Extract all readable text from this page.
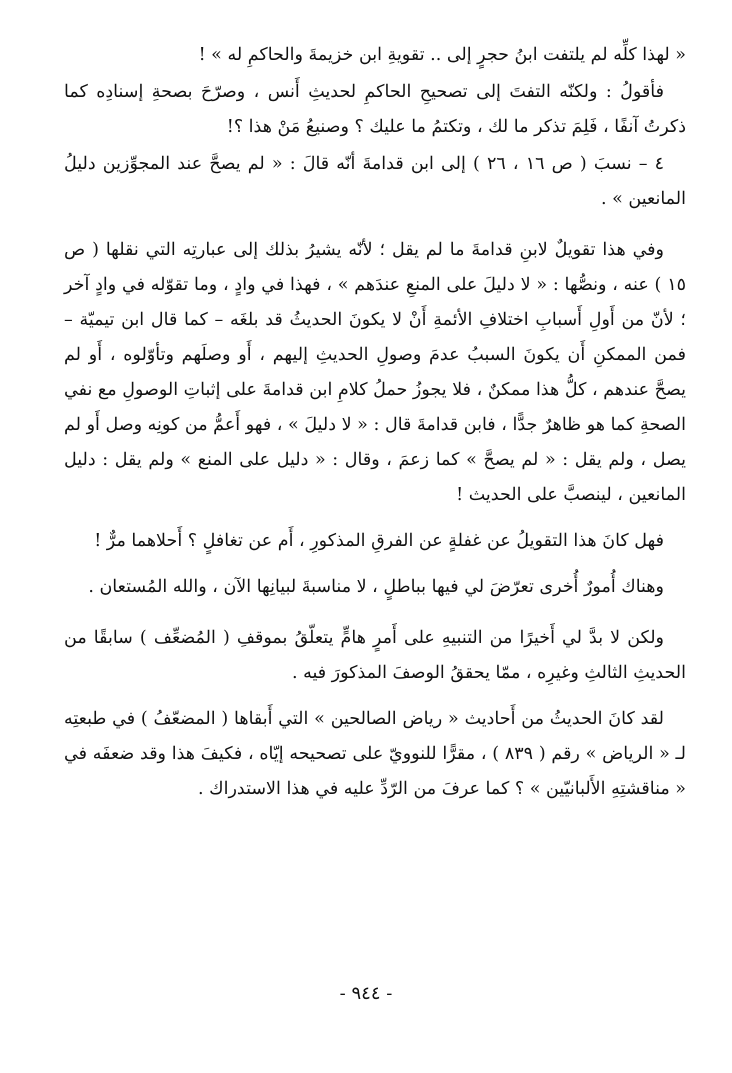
« لهذا كلِّه لم يلتفت ابنُ حجرٍ إلى .. تقويةِ ابن خزيمةَ والحاكمِ له » !

فأقولُ : ولكنّه التفتَ إلى تصحيحِ الحاكمِ لحديثِ أَنس ، وصرّحَ بصحةِ إسنادِه كما ذكرتُ آنفًا ، فَلِمَ تذكر ما لك ، وتكتمُ ما عليك ؟ وصنيعُ مَنْ هذا ؟!

٤ – نسبَ ( ص ١٦ ، ٢٦ ) إلى ابن قدامةَ أنّه قالَ : « لم يصحَّ عند المجوِّزين دليلُ المانعين » .

وفي هذا تقويلٌ لابنِ قدامةَ ما لم يقل ؛ لأنّه يشيرُ بذلك إلى عبارتِه التي نقلها ( ص ١٥ ) عنه ، ونصُّها : « لا دليلَ على المنعِ عندَهم » ، فهذا في وادٍ ، وما تقوّله في وادٍ آخر ؛ لأنّ من أَولِ أَسبابِ اختلافِ الأئمةِ أَنْ لا يكونَ الحديثُ قد بلغَه – كما قال ابن تيميّة – فمن الممكنِ أَن يكونَ السببُ عدمَ وصولِ الحديثِ إليهم ، أَو وصلَهم وتأوّلوه ، أَو لم يصحَّ عندهم ، كلُّ هذا ممكنٌ ، فلا يجوزُ حملُ كلامِ ابن قدامةَ على إثباتِ الوصولِ مع نفي الصحةِ كما هو ظاهرٌ جدًّا ، فابن قدامةَ قال : « لا دليلَ » ، فهو أَعمُّ من كونِه وصل أَو لم يصل ، ولم يقل : « لم يصحَّ » كما زعمَ ، وقال : « دليل على المنع » ولم يقل : دليل المانعين ، لينصبَّ على الحديث !

فهل كانَ هذا التقويلُ عن غفلةٍ عن الفرقِ المذكورِ ، أَم عن تغافلٍ ؟ أَحلاهما مرٌّ !

وهناك أُمورٌ أُخرى تعرّضَ لي فيها بباطلٍ ، لا مناسبةَ لبيانِها الآن ، والله المُستعان .

ولكن لا بدَّ لي أَخيرًا من التنبيهِ على أَمرٍ هامٍّ يتعلّقُ بموقفِ ( المُضعِّف ) سابقًا من الحديثِ الثالثِ وغيرِه ، ممّا يحققُ الوصفَ المذكورَ فيه .

لقد كانَ الحديثُ من أَحاديث « رياض الصالحين » التي أَبقاها ( المضعّفُ ) في طبعتِه لـ « الرياض » رقم ( ٨٣٩ ) ، مقرًّا للنوويّ على تصحيحه إيّاه ، فكيفَ هذا وقد ضعفَه في « مناقشتِهِ الأَلبانيّين » ؟ كما عرفَ من الرّدِّ عليه في هذا الاستدراك .

- ٩٤٤ -
